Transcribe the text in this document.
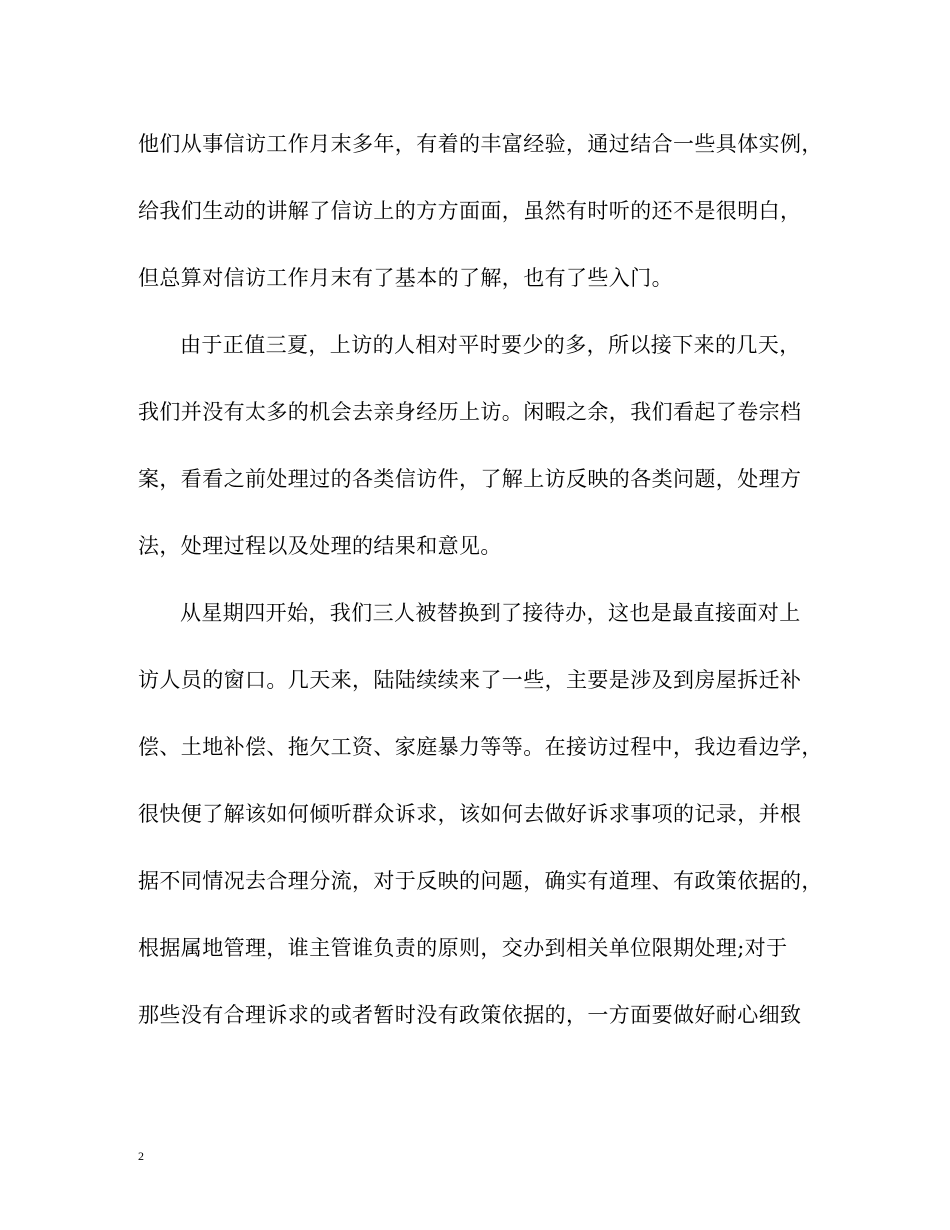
他们从事信访工作月末多年，有着的丰富经验，通过结合一些具体实例，
给我们生动的讲解了信访上的方方面面，虽然有时听的还不是很明白，
但总算对信访工作月末有了基本的了解，也有了些入门。
由于正值三夏，上访的人相对平时要少的多，所以接下来的几天，
我们并没有太多的机会去亲身经历上访。闲暇之余，我们看起了卷宗档
案，看看之前处理过的各类信访件，了解上访反映的各类问题，处理方
法，处理过程以及处理的结果和意见。
从星期四开始，我们三人被替换到了接待办，这也是最直接面对上
访人员的窗口。几天来，陆陆续续来了一些，主要是涉及到房屋拆迁补
偿、土地补偿、拖欠工资、家庭暴力等等。在接访过程中，我边看边学，
很快便了解该如何倾听群众诉求，该如何去做好诉求事项的记录，并根
据不同情况去合理分流，对于反映的问题，确实有道理、有政策依据的，
根据属地管理，谁主管谁负责的原则，交办到相关单位限期处理;对于
那些没有合理诉求的或者暂时没有政策依据的，一方面要做好耐心细致
2
